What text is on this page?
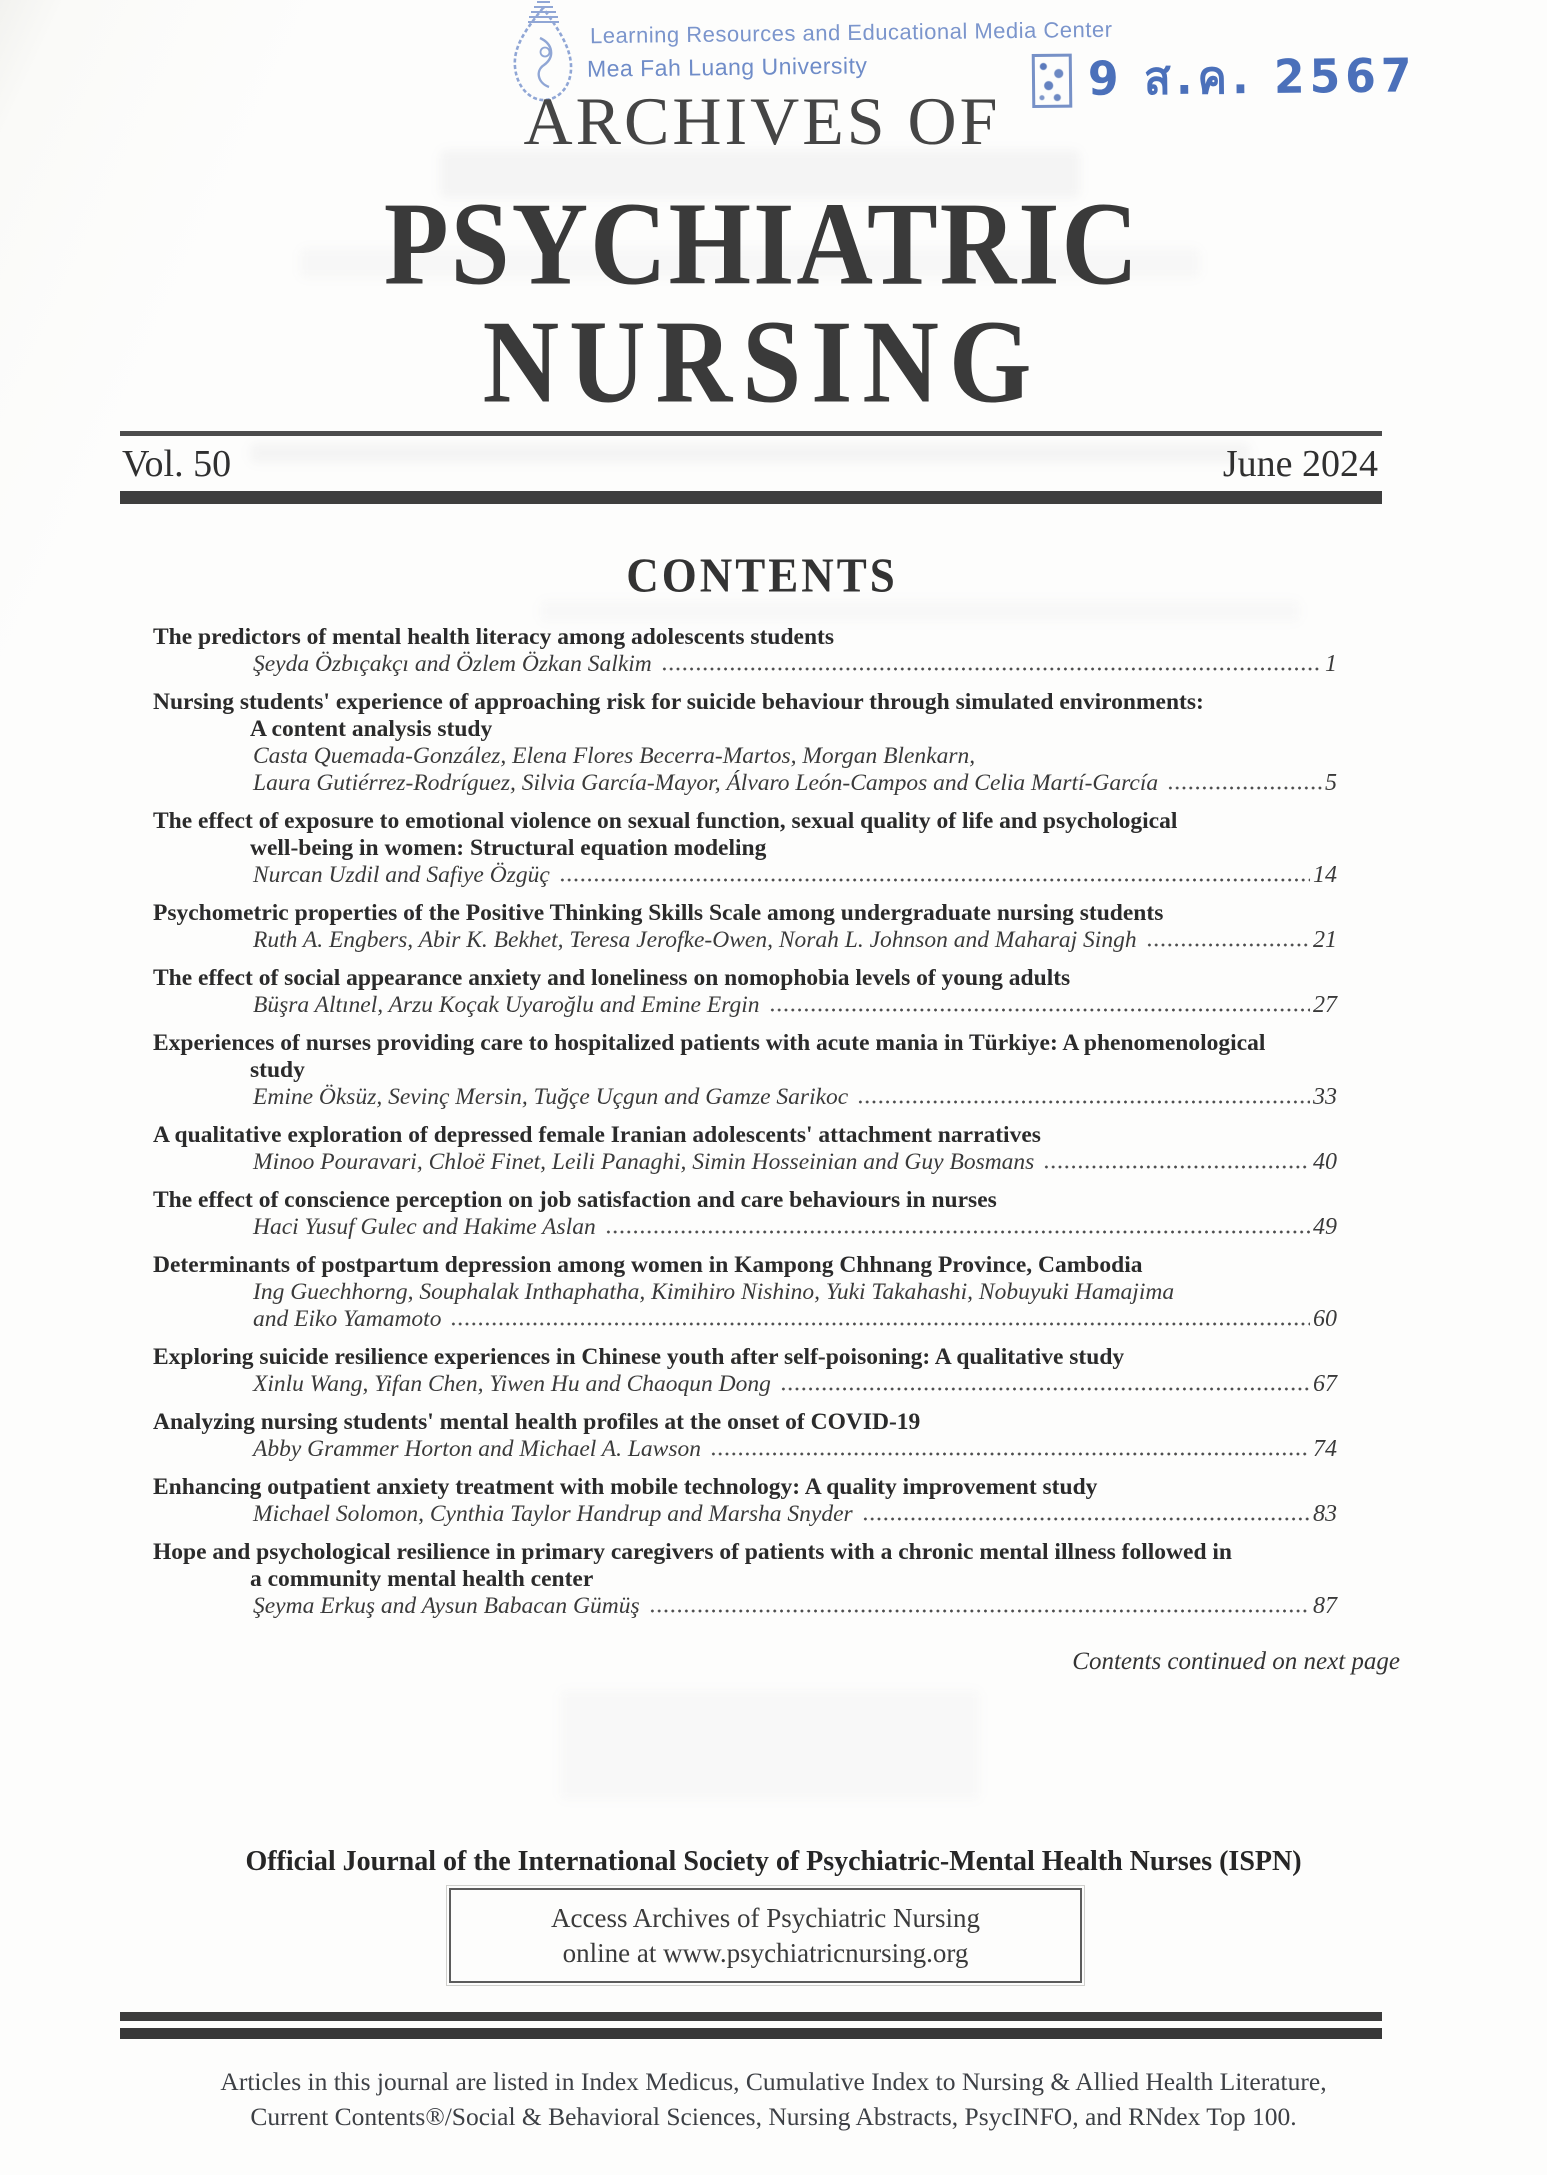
Learning Resources and Educational Media Center
Mea Fah Luang University	9 ส.ค. 2567
ARCHIVES OF
PSYCHIATRIC
NURSING
Vol. 50	June 2024
CONTENTS
The predictors of mental health literacy among adolescents students
Şeyda Özbıçakçı and Özlem Özkan Salkim	1
Nursing students' experience of approaching risk for suicide behaviour through simulated environments:
A content analysis study
Casta Quemada-González, Elena Flores Becerra-Martos, Morgan Blenkarn,
Laura Gutiérrez-Rodríguez, Silvia García-Mayor, Álvaro León-Campos and Celia Martí-García	5
The effect of exposure to emotional violence on sexual function, sexual quality of life and psychological
well-being in women: Structural equation modeling
Nurcan Uzdil and Safiye Özgüç	14
Psychometric properties of the Positive Thinking Skills Scale among undergraduate nursing students
Ruth A. Engbers, Abir K. Bekhet, Teresa Jerofke-Owen, Norah L. Johnson and Maharaj Singh	21
The effect of social appearance anxiety and loneliness on nomophobia levels of young adults
Büşra Altınel, Arzu Koçak Uyaroğlu and Emine Ergin	27
Experiences of nurses providing care to hospitalized patients with acute mania in Türkiye: A phenomenological
study
Emine Öksüz, Sevinç Mersin, Tuğçe Uçgun and Gamze Sarikoc	33
A qualitative exploration of depressed female Iranian adolescents' attachment narratives
Minoo Pouravari, Chloë Finet, Leili Panaghi, Simin Hosseinian and Guy Bosmans	40
The effect of conscience perception on job satisfaction and care behaviours in nurses
Haci Yusuf Gulec and Hakime Aslan	49
Determinants of postpartum depression among women in Kampong Chhnang Province, Cambodia
Ing Guechhorng, Souphalak Inthaphatha, Kimihiro Nishino, Yuki Takahashi, Nobuyuki Hamajima
and Eiko Yamamoto	60
Exploring suicide resilience experiences in Chinese youth after self-poisoning: A qualitative study
Xinlu Wang, Yifan Chen, Yiwen Hu and Chaoqun Dong	67
Analyzing nursing students' mental health profiles at the onset of COVID-19
Abby Grammer Horton and Michael A. Lawson	74
Enhancing outpatient anxiety treatment with mobile technology: A quality improvement study
Michael Solomon, Cynthia Taylor Handrup and Marsha Snyder	83
Hope and psychological resilience in primary caregivers of patients with a chronic mental illness followed in
a community mental health center
Şeyma Erkuş and Aysun Babacan Gümüş	87
Contents continued on next page
Official Journal of the International Society of Psychiatric-Mental Health Nurses (ISPN)
Access Archives of Psychiatric Nursing
online at www.psychiatricnursing.org
Articles in this journal are listed in Index Medicus, Cumulative Index to Nursing & Allied Health Literature,
Current Contents®/Social & Behavioral Sciences, Nursing Abstracts, PsycINFO, and RNdex Top 100.
